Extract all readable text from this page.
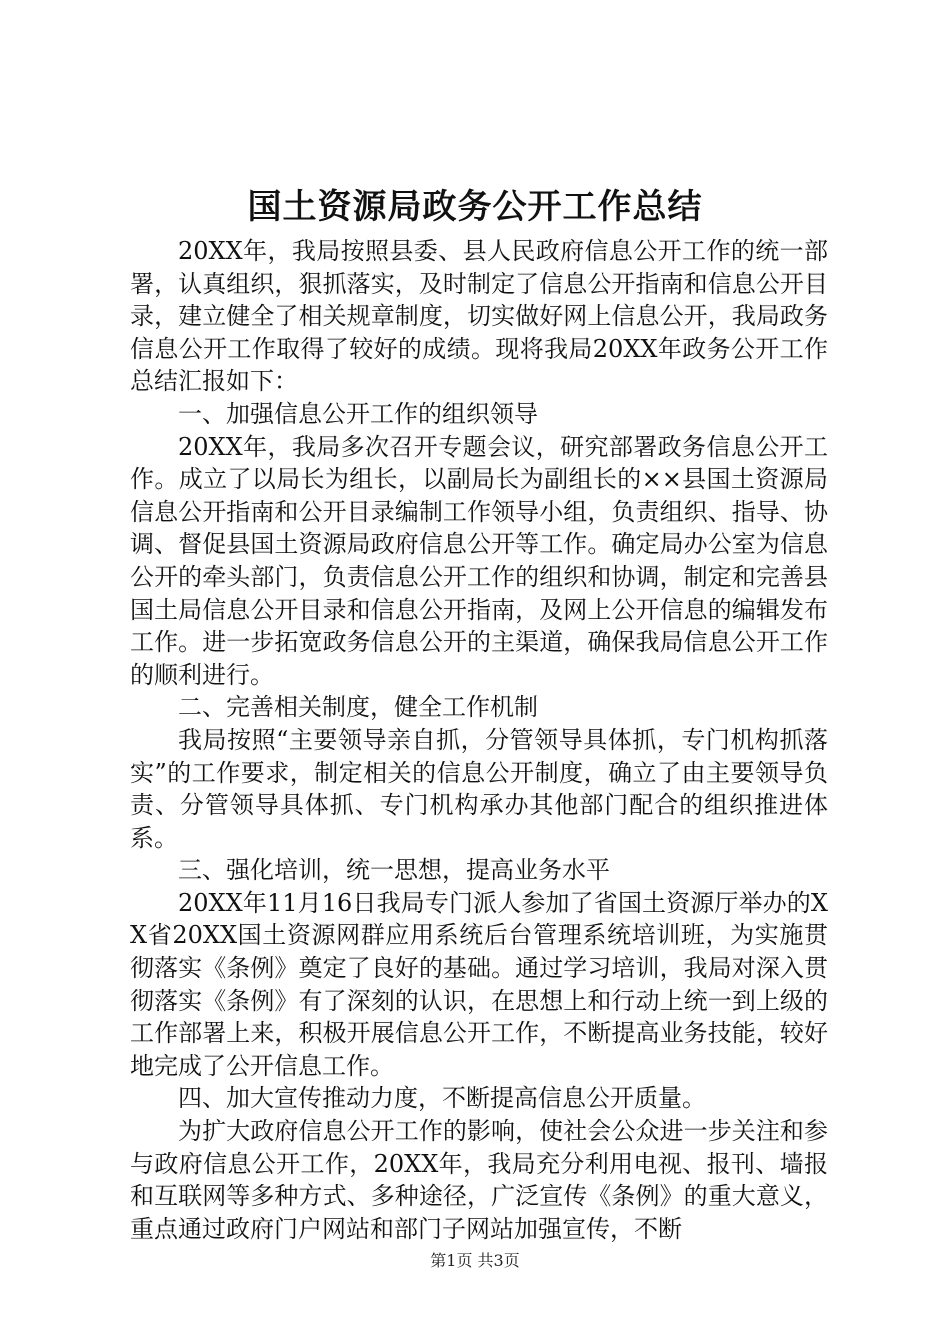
国土资源局政务公开工作总结

20XX年，我局按照县委、县人民政府信息公开工作的统一部署，认真组织，狠抓落实，及时制定了信息公开指南和信息公开目录，建立健全了相关规章制度，切实做好网上信息公开，我局政务信息公开工作取得了较好的成绩。现将我局20XX年政务公开工作总结汇报如下：

一、加强信息公开工作的组织领导

20XX年，我局多次召开专题会议，研究部署政务信息公开工作。成立了以局长为组长，以副局长为副组长的××县国土资源局信息公开指南和公开目录编制工作领导小组，负责组织、指导、协调、督促县国土资源局政府信息公开等工作。确定局办公室为信息公开的牵头部门，负责信息公开工作的组织和协调，制定和完善县国土局信息公开目录和信息公开指南，及网上公开信息的编辑发布工作。进一步拓宽政务信息公开的主渠道，确保我局信息公开工作的顺利进行。

二、完善相关制度，健全工作机制

我局按照“主要领导亲自抓，分管领导具体抓，专门机构抓落实”的工作要求，制定相关的信息公开制度，确立了由主要领导负责、分管领导具体抓、专门机构承办其他部门配合的组织推进体系。

三、强化培训，统一思想，提高业务水平

20XX年11月16日我局专门派人参加了省国土资源厅举办的XX省20XX国土资源网群应用系统后台管理系统培训班，为实施贯彻落实《条例》奠定了良好的基础。通过学习培训，我局对深入贯彻落实《条例》有了深刻的认识，在思想上和行动上统一到上级的工作部署上来，积极开展信息公开工作，不断提高业务技能，较好地完成了公开信息工作。

四、加大宣传推动力度，不断提高信息公开质量。

为扩大政府信息公开工作的影响，使社会公众进一步关注和参与政府信息公开工作，20XX年，我局充分利用电视、报刊、墙报和互联网等多种方式、多种途径，广泛宣传《条例》的重大意义，重点通过政府门户网站和部门子网站加强宣传，不断

第1页 共3页
